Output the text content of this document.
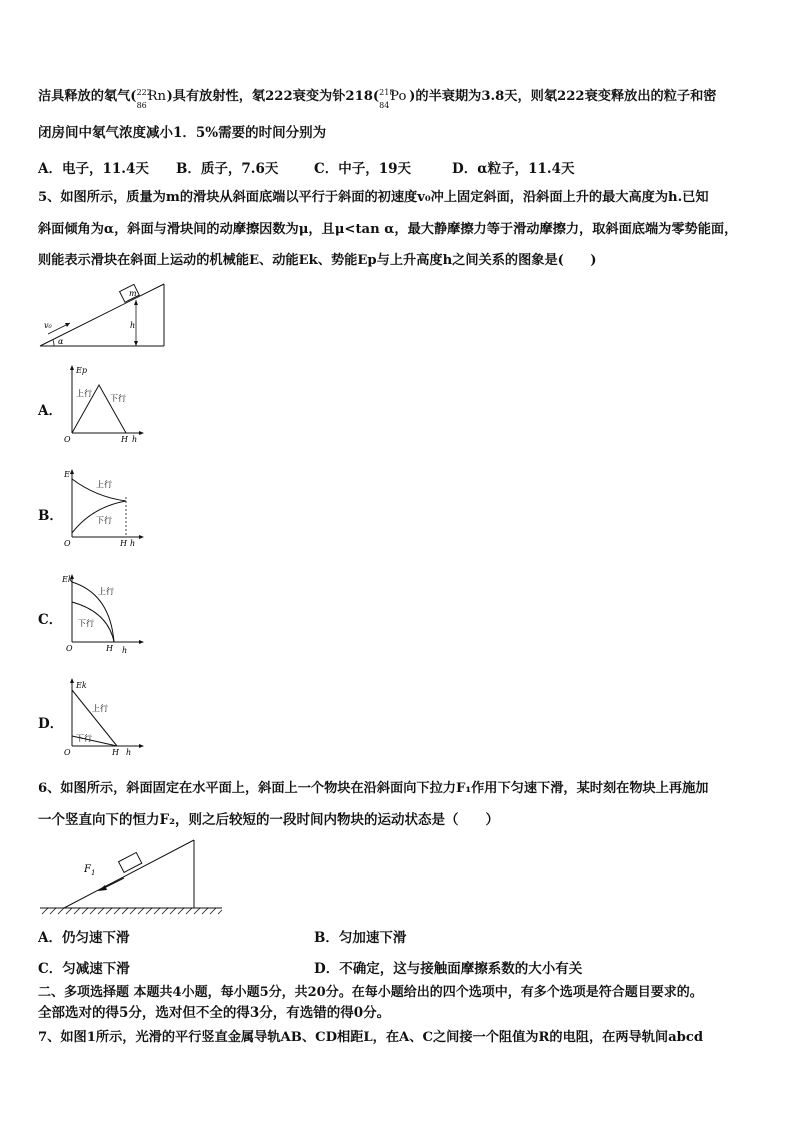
洁具释放的氡气( 222
86
Rn )具有放射性，氡222衰变为钋218( 218
84
Po )的半衰期为3.8天，则氡222衰变释放出的粒子和密
闭房间中氡气浓度减小1．5%需要的时间分别为
A．电子，11.4天 B．质子，7.6天	C．中子，19天	D．α粒子，11.4天
5、如图所示，质量为m的滑块从斜面底端以平行于斜面的初速度v₀冲上固定斜面，沿斜面上升的最大高度为h.已知
斜面倾角为α，斜面与滑块间的动摩擦因数为μ，且μ<tan α，最大静摩擦力等于滑动摩擦力，取斜面底端为零势能面，
则能表示滑块在斜面上运动的机械能E、动能Ek、势能Ep与上升高度h之间关系的图象是(　　)
m
h
v₀
α
A．
Ep
上行
下行
O	H h
B．
E
上行
下行
O	H h
C．
Ek
上行
下行
O	H h
D．
Ek
上行
下行
O	H h
6、如图所示，斜面固定在水平面上，斜面上一个物块在沿斜面向下拉力F₁作用下匀速下滑，某时刻在物块上再施加
一个竖直向下的恒力F₂，则之后较短的一段时间内物块的运动状态是（　　）
$F_1$
A．仍匀速下滑	B．匀加速下滑
C．匀减速下滑	D．不确定，这与接触面摩擦系数的大小有关
二、多项选择题 本题共4小题，每小题5分，共20分。在每小题给出的四个选项中，有多个选项是符合题目要求的。
全部选对的得5分，选对但不全的得3分，有选错的得0分。
7、如图1所示，光滑的平行竖直金属导轨AB、CD相距L，在A、C之间接一个阻值为R的电阻，在两导轨间abcd
